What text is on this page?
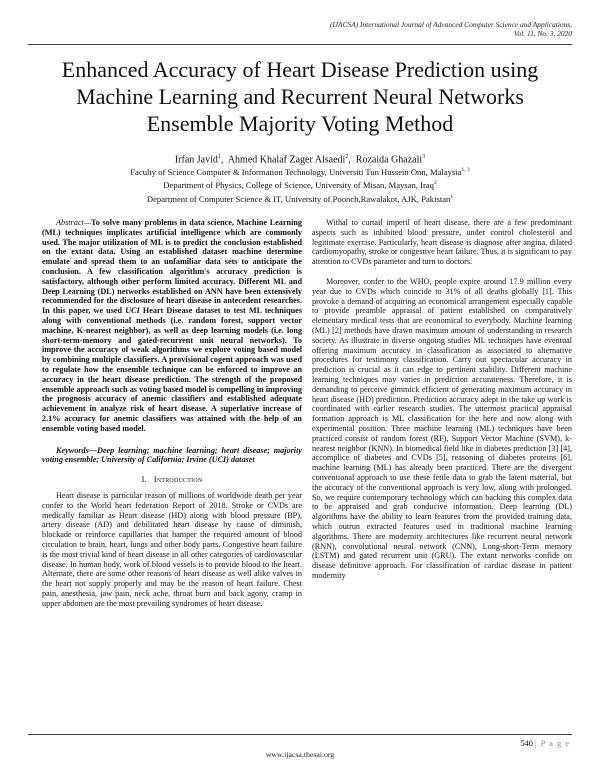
(IJACSA) International Journal of Advanced Computer Science and Applications,
Vol. 11, No. 3, 2020
Enhanced Accuracy of Heart Disease Prediction using Machine Learning and Recurrent Neural Networks Ensemble Majority Voting Method
Irfan Javid$^1$,  Ahmed Khalaf Zager Alsaedi$^2$,  Rozaida Ghazali$^3$
Faculty of Science Computer & Information Technology, Universiti Tun Hussein Onn, Malaysia$^{1, 3}$
Department of Physics, College of Science, University of Misan, Maysan, Iraq$^2$
Department of Computer Science & IT, University of Poonch,Rawalakot, AJK, Pakistan$^1$

Abstract—To solve many problems in data science, Machine Learning (ML) techniques implicates artificial intelligence which are commonly used. The major utilization of ML is to predict the conclusion established on the extant data. Using an established dataset machine determine emulate and spread them to an unfamiliar data sets to anticipate the conclusion. A few classification algorithm's accuracy prediction is satisfactory, although other perform limited accuracy. Different ML and Deep Learning (DL) networks established on ANN have been extensively recommended for the disclosure of heart disease in antecedent researches. In this paper, we used UCI Heart Disease dataset to test ML techniques along with conventional methods (i.e. random forest, support vector machine, K-nearest neighbor), as well as deep learning models (i.e. long short-term-memory and gated-recurrent unit neural networks). To improve the accuracy of weak algorithms we explore voting based model by combining multiple classifiers. A provisional cogent approach was used to regulate how the ensemble technique can be enforced to improve an accuracy in the heart disease prediction. The strength of the proposed ensemble approach such as voting based model is compelling in improving the prognosis accuracy of anemic classifiers and established adequate achievement in analyze risk of heart disease. A superlative increase of 2.1% accuracy for anemic classifiers was attained with the help of an ensemble voting based model.

Keywords—Deep learning; machine learning; heart disease; majority voting ensemble; University of California; Irvine (UCI) dataset

I. Introduction

Heart disease is particular reason of millions of worldwide death per year confer to the World heart federation Report of 2018. Stroke or CVDs are medically familiar as Heart disease (HD) along with blood pressure (BP), artery disease (AD) and debilitated heart disease by cause of diminish, blockade or reinforce capillaries that hamper the required amount of blood circulation to brain, heart, lungs and other body parts. Congestive heart failure is the most trivial kind of heart disease in all other categories of cardiovascular disease. In human body, work of blood vessels is to provide blood to the heart. Alternate, there are some other reasons of heart disease as well alike valves in the heart not supply properly and may be the reason of heart failure. Chest pain, anesthesia, jaw pain, neck ache, throat burn and back agony, cramp in upper abdomen are the most prevailing syndromes of heart disease.

Withal to curtail imperil of heart disease, there are a few predominant aspects such as inhibited blood pressure, under control cholesterol and legitimate exercise. Particularly, heart disease is diagnose after angina, dilated cardiomyopathy, stroke or congestive heart failure. Thus, it is significant to pay attention to CVDs parameter and turn to doctors.

Moreover, confer to the WHO, people expire around 17.9 million every year due to CVDs which coincide to 31% of all deaths globally [1]. This provoke a demand of acquiring an economical arrangement especially capable to provide preamble appraisal of patient established on comparatively elementary medical tests that are economical to everybody. Machine learning (ML) [2] methods have drawn maximum amount of understanding in research society. As illustrate in diverse ongoing studies ML techniques have eventual offering maximum accuracy in classification as associated to alternative procedures for testimony classification. Carry out spectacular accuracy in prediction is crucial as it can edge to pertinent stability. Different machine learning techniques may varies in prediction accurateness. Therefore, it is demanding to perceive gimmick efficient of generating maximum accuracy in heart disease (HD) prediction. Prediction accuracy adept in the take up work is coordinated with earlier research studies. The uttermost practical appraisal formation approach is ML classification for the here and now along with experimental position. Three machine learning (ML) techniques have been practiced consist of random forest (RF), Support Vector Machine (SVM), k-nearest neighbor (KNN). In biomedical field like in diabetes prediction [3] [4], accomplice of diabetes and CVDs [5], reasoning of diabetes proteins [6], machine learning (ML) has already been practiced. There are the divergent conventional approach to use these fettle data to grab the latent material, but the accuracy of the conventional approach is very low, along with prolonged. So, we require contemporary technology which can backing this complex data to be appraised and grab conducive information. Deep learning (DL) algorithms have the ability to learn features from the provided training data, which outrun extracted features used in traditional machine learning algorithms. There are modernity architectures like recurrent neural network (RNN), convolutional neural network (CNN), Long-short-Term memory (LSTM) and gated recurrent unit (GRU). The extant networks confide on disease definitive approach. For classification of cardiac disease in patient modernity

540 | P a g e
www.ijacsa.thesai.org
